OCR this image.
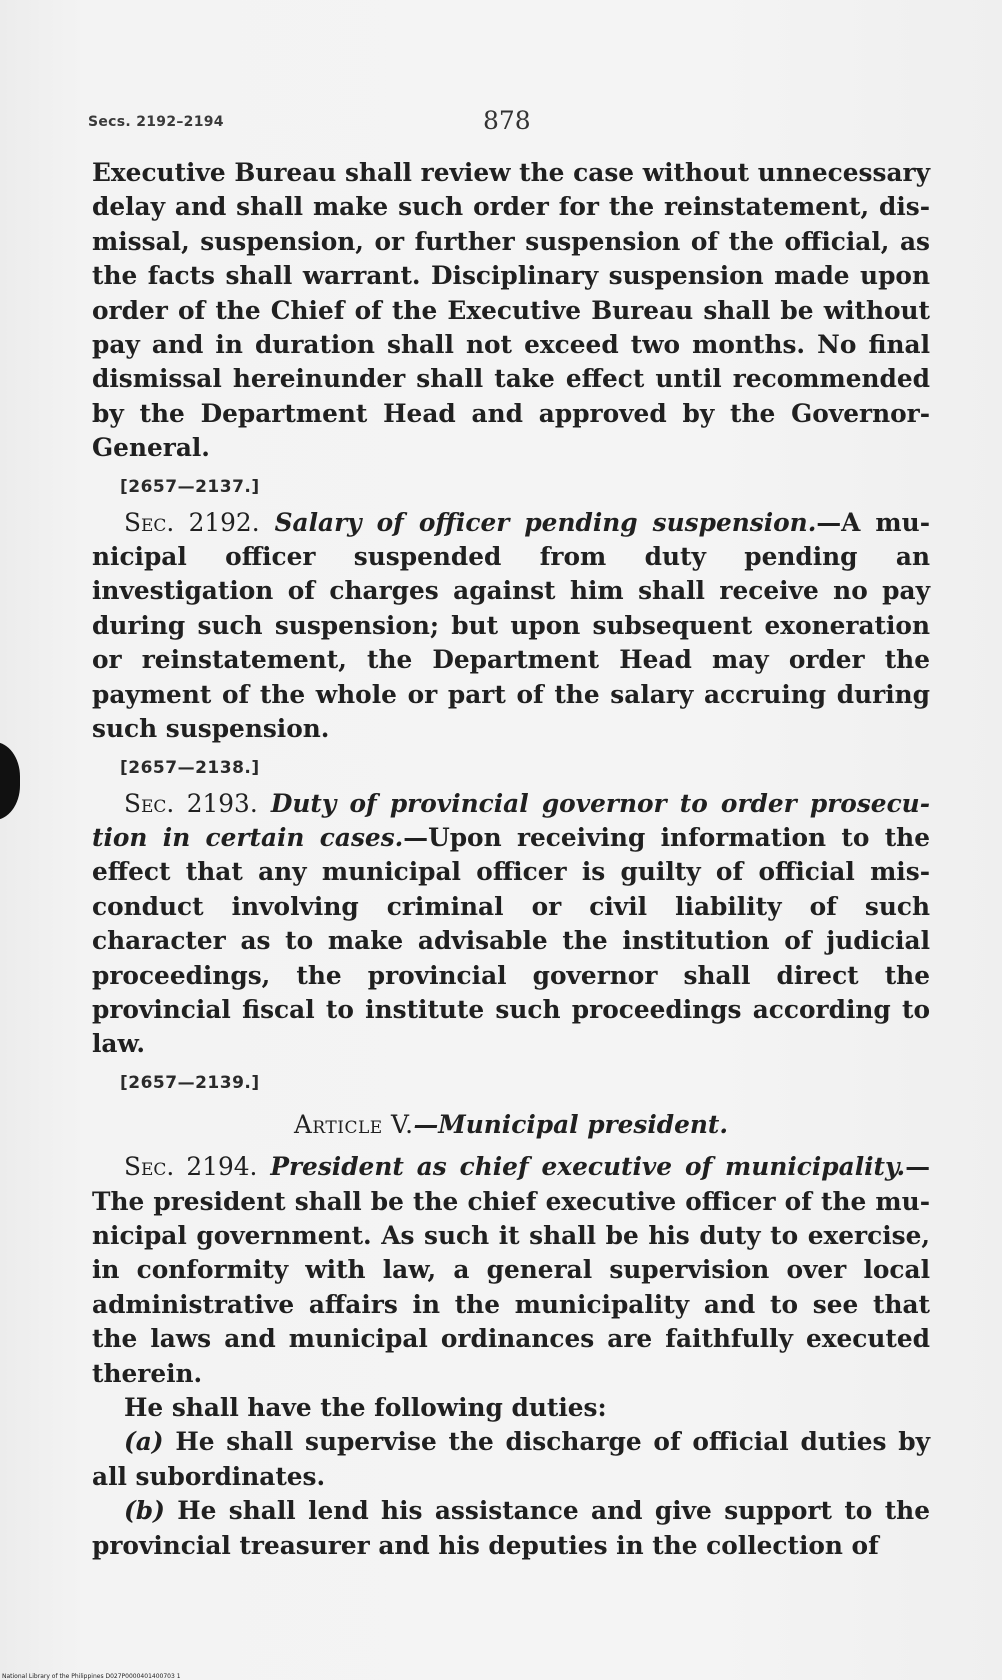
Secs. 2192–2194	878

Executive Bureau shall review the case without unnecessary delay and shall make such order for the reinstatement, dismissal, suspension, or further suspension of the official, as the facts shall warrant. Disciplinary suspension made upon order of the Chief of the Executive Bureau shall be without pay and in duration shall not exceed two months. No final dismissal hereinunder shall take effect until recommended by the Department Head and approved by the Governor-General.

[2657—2137.]

Sec. 2192. Salary of officer pending suspension.—A municipal officer suspended from duty pending an investigation of charges against him shall receive no pay during such suspension; but upon subsequent exoneration or reinstatement, the Department Head may order the payment of the whole or part of the salary accruing during such suspension.

[2657—2138.]

Sec. 2193. Duty of provincial governor to order prosecution in certain cases.—Upon receiving information to the effect that any municipal officer is guilty of official misconduct involving criminal or civil liability of such character as to make advisable the institution of judicial proceedings, the provincial governor shall direct the provincial fiscal to institute such proceedings according to law.

[2657—2139.]

Article V.—Municipal president.

Sec. 2194. President as chief executive of municipality.— The president shall be the chief executive officer of the municipal government. As such it shall be his duty to exercise, in conformity with law, a general supervision over local administrative affairs in the municipality and to see that the laws and municipal ordinances are faithfully executed therein.

He shall have the following duties:

(a) He shall supervise the discharge of official duties by all subordinates.

(b) He shall lend his assistance and give support to the provincial treasurer and his deputies in the collection of

National Library of the Philippines D027P0000401400703 1
